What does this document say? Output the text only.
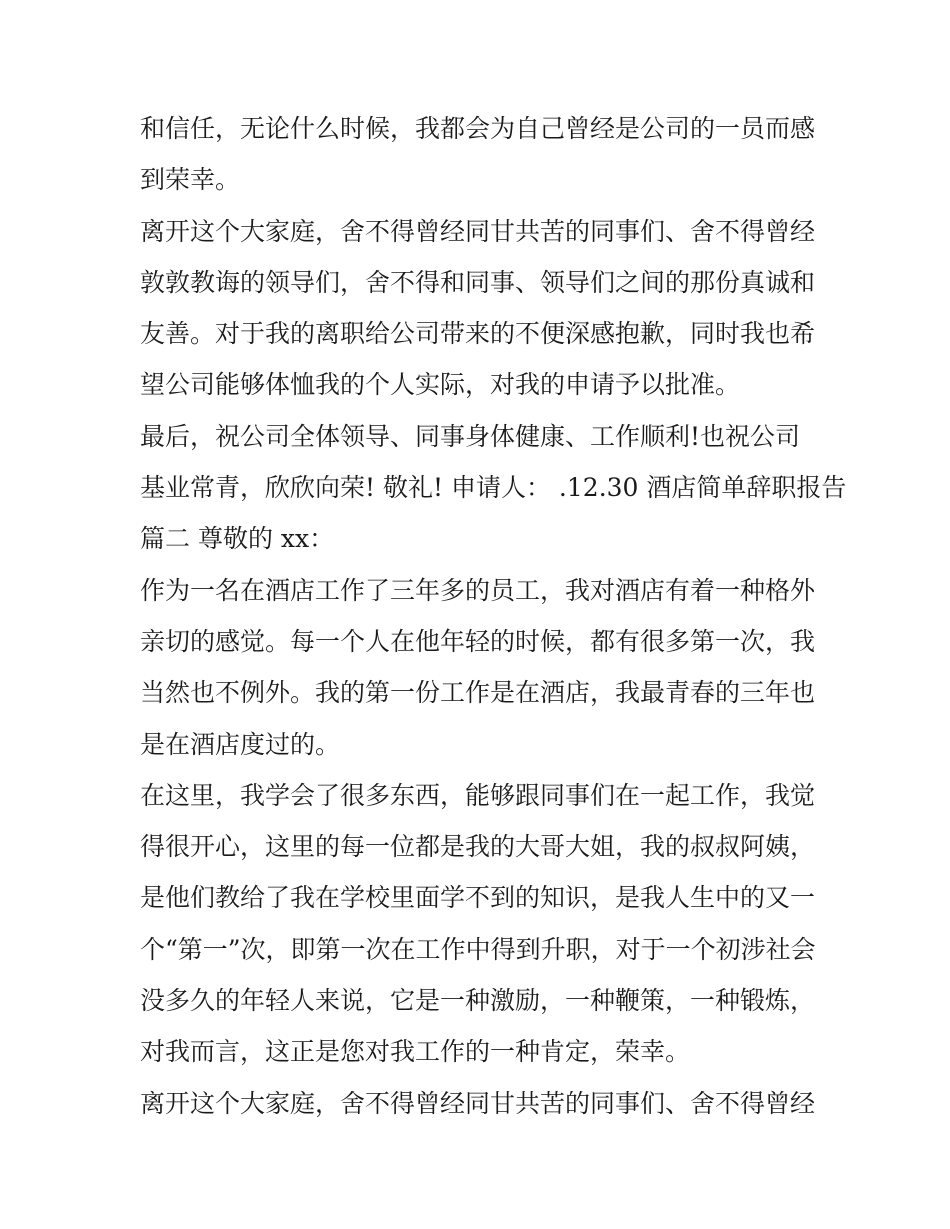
和信任，无论什么时候，我都会为自己曾经是公司的一员而感
到荣幸。
离开这个大家庭，舍不得曾经同甘共苦的同事们、舍不得曾经
敦敦教诲的领导们，舍不得和同事、领导们之间的那份真诚和
友善。对于我的离职给公司带来的不便深感抱歉，同时我也希
望公司能够体恤我的个人实际，对我的申请予以批准。
最后，祝公司全体领导、同事身体健康、工作顺利!也祝公司
基业常青，欣欣向荣! 敬礼! 申请人： .12.30 酒店简单辞职报告
篇二 尊敬的 xx：
作为一名在酒店工作了三年多的员工，我对酒店有着一种格外
亲切的感觉。每一个人在他年轻的时候，都有很多第一次，我
当然也不例外。我的第一份工作是在酒店，我最青春的三年也
是在酒店度过的。
在这里，我学会了很多东西，能够跟同事们在一起工作，我觉
得很开心，这里的每一位都是我的大哥大姐，我的叔叔阿姨，
是他们教给了我在学校里面学不到的知识，是我人生中的又一
个“第一”次，即第一次在工作中得到升职，对于一个初涉社会
没多久的年轻人来说，它是一种激励，一种鞭策，一种锻炼，
对我而言，这正是您对我工作的一种肯定，荣幸。
离开这个大家庭，舍不得曾经同甘共苦的同事们、舍不得曾经
